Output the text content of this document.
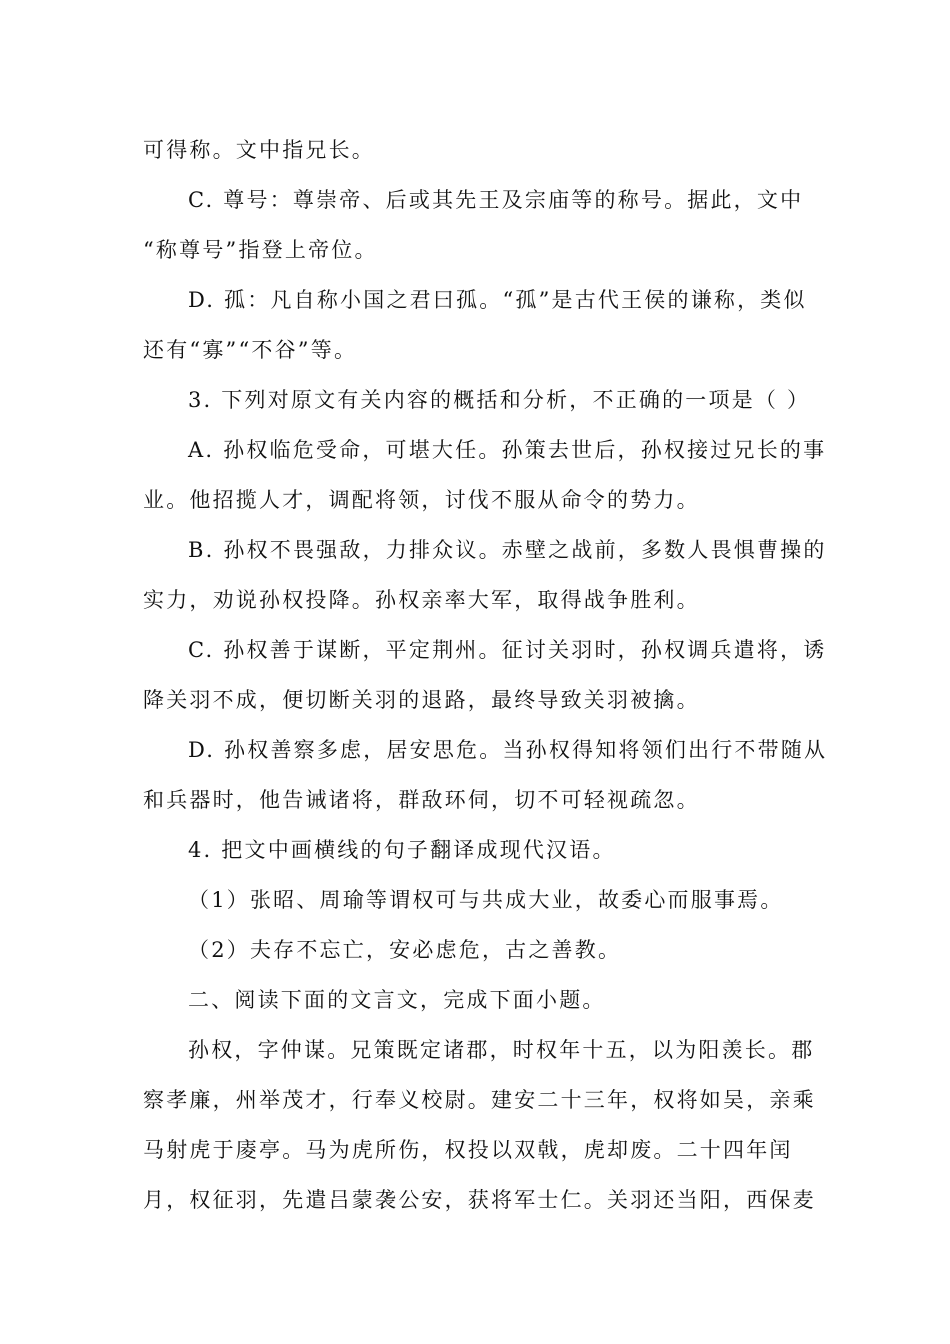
可得称。文中指兄长。
C. 尊号：尊崇帝、后或其先王及宗庙等的称号。据此，文中
“称尊号”指登上帝位。
D. 孤：凡自称小国之君曰孤。“孤”是古代王侯的谦称，类似
还有“寡”“不谷”等。
3. 下列对原文有关内容的概括和分析，不正确的一项是（ ）
A. 孙权临危受命，可堪大任。孙策去世后，孙权接过兄长的事
业。他招揽人才，调配将领，讨伐不服从命令的势力。
B. 孙权不畏强敌，力排众议。赤壁之战前，多数人畏惧曹操的
实力，劝说孙权投降。孙权亲率大军，取得战争胜利。
C. 孙权善于谋断，平定荆州。征讨关羽时，孙权调兵遣将，诱
降关羽不成，便切断关羽的退路，最终导致关羽被擒。
D. 孙权善察多虑，居安思危。当孙权得知将领们出行不带随从
和兵器时，他告诫诸将，群敌环伺，切不可轻视疏忽。
4. 把文中画横线的句子翻译成现代汉语。
（1）张昭、周瑜等谓权可与共成大业，故委心而服事焉。
（2）夫存不忘亡，安必虑危，古之善教。
二、阅读下面的文言文，完成下面小题。
孙权，字仲谋。兄策既定诸郡，时权年十五，以为阳羡长。郡
察孝廉，州举茂才，行奉义校尉。建安二十三年，权将如吴，亲乘
马射虎于庱亭。马为虎所伤，权投以双戟，虎却废。二十四年闰
月，权征羽，先遣吕蒙袭公安，获将军士仁。关羽还当阳，西保麦
